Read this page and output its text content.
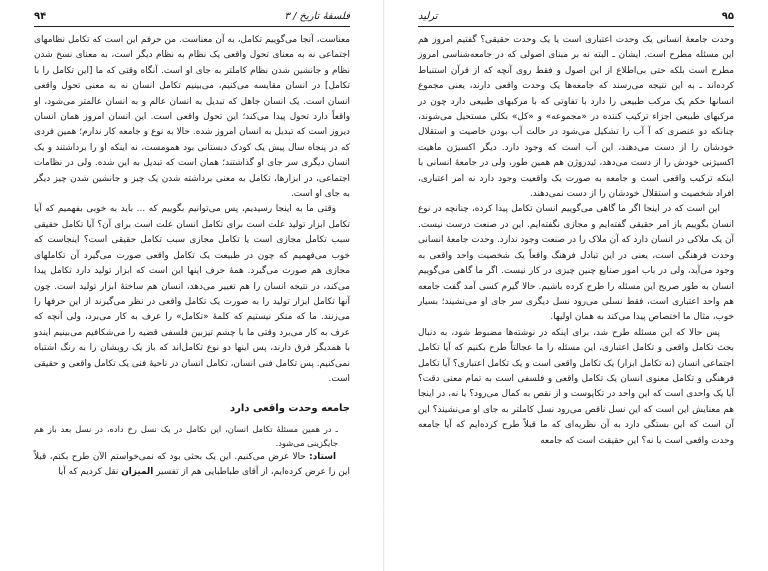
۹۴	فلسفهٔ تاریخ / ۳

معناست، آنجا می‌گوییم تکامل، به آن معناست. من حرفم این است که تکامل نظامهای اجتماعی نه به معنای تحول واقعی یک نظام به نظام دیگر است، به معنای نسخ شدن نظام و جانشین شدن نظام کاملتر به جای او است. آنگاه وقتی که ما [این تکامل را با تکامل] در انسان مقایسه می‌کنیم، می‌بینیم تکامل انسان نه به معنی تحول واقعی انسان است. یک انسان جاهل که تبدیل به انسان عالم و به انسان عالمتر می‌شود، او واقعاً دارد تحول پیدا می‌کند؛ این تحول واقعی است. این انسان امروز همان انسان دیروز است که تبدیل به انسان امروز شده. حالا به نوع و جامعه کار ندارم؛ همین فردی که در پنجاه سال پیش یک کودک دبستانی بود همومست، نه اینکه او را برداشتند و یک انسان دیگری سر جای او گذاشتند؛ همان است که تبدیل به این شده. ولی در نظامات اجتماعی، در ابزارها، تکامل به معنی برداشته شدن یک چیز و جانشین شدن چیز دیگر به جای او است.

وقتی ما به اینجا رسیدیم، پس می‌توانیم بگوییم که ... باید به خوبی بفهمیم که آیا تکامل ابزار تولید علت است برای تکامل انسان علت است برای آن؟ آیا تکامل حقیقی سبب تکامل مجازی است یا تکامل مجازی سبب تکامل حقیقی است؟ اینجاست که خوب می‌فهمیم که چون در طبیعت یک تکامل واقعی صورت می‌گیرد آن تکاملهای مجازی هم صورت می‌گیرد. همهٔ حرف اینها این است که ابزار تولید دارد تکامل پیدا می‌کند، در نتیجه انسان را هم تغییر می‌دهد، انسان هم ساختهٔ ابزار تولید است. چون آنها تکامل ابزار تولید را به صورت یک تکامل واقعی در نظر می‌گیرند از این حرفها را می‌زنند. ما که منکر نیستیم که کلمهٔ «تکامل» را عرف به کار می‌برد، ولی آنچه که عرف به کار می‌برد وقتی ما با چشم تیزبین فلسفی قضیه را می‌شکافیم می‌بینیم ایندو با همدیگر فرق دارند، پس اینها دو نوع تکامل‌اند که باز یک رویشان را به رنگ اشتباه نمی‌کنیم. پس تکامل فنی انسان، تکامل انسان در ناحیهٔ فنی یک تکامل واقعی و حقیقی است.

جامعه وحدت واقعی دارد

ـ در همین مسئلهٔ تکامل انسان، این تکامل در یک نسل رخ داده، در نسل بعد باز هم جایگزینی می‌شود.

استاد: حالا عرض می‌کنیم. این یک بحثی بود که نمی‌خواستم الآن طرح بکنم، قبلاً این را عرض کرده‌ایم، از آقای طباطبایی هم از تفسیر المیزان نقل کردیم که آیا

ترلید	۹۵

وحدت جامعهٔ انسانی یک وحدت اعتباری است یا یک وحدت حقیقی؟ گفتیم امروز هم این مسئله مطرح است. ایشان ـ البته نه بر مبنای اصولی که در جامعه‌شناسی امروز مطرح است بلکه حتی بی‌اطلاع از این اصول و فقط روی آنچه که از قرآن استنباط کرده‌اند ـ به این نتیجه می‌رسند که جامعه‌ها یک وحدت واقعی دارند، یعنی مجموع انسانها حکم یک مرکب طبیعی را دارد با تفاوتی که با مرکبهای طبیعی دارد چون در مرکبهای طبیعی اجزاء ترکیب کننده در «مجموعه» و «کل» بکلی مستحیل می‌شوند، چنانکه دو عنصری که آ آب را تشکیل می‌شود در حالت آب بودن خاصیت و استقلال خودشان را از دست می‌دهند، این آب است که وجود دارد. دیگر اکسیژن ماهیت اکسیژنی خودش را از دست می‌دهد، ئیدروژن هم همین طور، ولی در جامعهٔ انسانی با اینکه ترکیب واقعی است و جامعه به صورت یک واقعیت وجود دارد نه امر اعتباری، افراد شخصیت و استقلال خودشان را از دست نمی‌دهند.

این است که در اینجا اگر ما گاهی می‌گوییم انسان تکامل پیدا کرده، چنانچه در نوع انسان بگوییم باز امر حقیقی گفته‌ایم و مجازی نگفته‌ایم. این در صنعت درست نیست. آن یک ملاکی در انسان دارد که آن ملاک را در صنعت وجود ندارد. وحدت جامعهٔ انسانی وحدت فرهنگی است، یعنی در این تبادل فرهنگ واقعاً یک شخصیت واحد واقعی به وجود می‌آید، ولی در باب امور صنایع چنین چیزی در کار نیست. اگر ما گاهی می‌گوییم انسان به طور صریح این مسئله را طرح کرده باشیم. حالا گیرم کسی آمد گفت جامعه هم واحد اعتباری است، فقط نسلی می‌رود نسل دیگری سر جای او می‌نشیند؛ بسیار خوب، مثال ما اختصاص پیدا می‌کند به همان اولیها.

پس حالا که این مسئله طرح شد، برای اینکه در نوشته‌ها مضبوط شود، به دنبال بحث تکامل واقعی و تکامل اعتباری، این مسئله را ما عجالتاً طرح بکنیم که آیا تکامل اجتماعی انسان (نه تکامل ابزار) یک تکامل واقعی است و یک تکامل اعتباری؟ آیا تکامل فرهنگی و تکامل معنوی انسان یک تکامل واقعی و فلسفی است به تمام معنی دقت؟ آیا یک واحدی است که این واحد در تکاپوست و از نقص به کمال می‌رود؟ یا نه، در اینجا هم معنایش این است که این نسل ناقص می‌رود نسل کاملتر به جای او می‌نشیند؟ این آن است که این بستگی دارد به آن نظریه‌ای که ما قبلاً طرح کرده‌ایم که آیا جامعه وحدت واقعی است یا نه؟ این حقیقت است که جامعه
